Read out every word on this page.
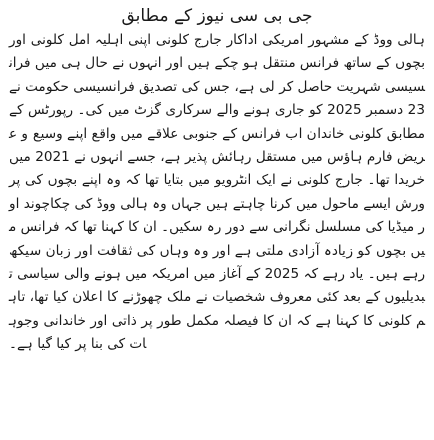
جی بی سی نیوز کے مطابق

ہالی ووڈ کے مشہور امریکی اداکار جارج کلونی اپنی اہلیہ امل کلونی اور بچوں کے ساتھ فرانس منتقل ہو چکے ہیں اور انہوں نے حال ہی میں فرانسیسی شہریت حاصل کر لی ہے، جس کی تصدیق فرانسیسی حکومت نے 23 دسمبر 2025 کو جاری ہونے والے سرکاری گزٹ میں کی۔ رپورٹس کے مطابق کلونی خاندان اب فرانس کے جنوبی علاقے میں واقع اپنے وسیع و عریض فارم ہاؤس میں مستقل رہائش پذیر ہے، جسے انہوں نے 2021 میں خریدا تھا۔ جارج کلونی نے ایک انٹرویو میں بتایا تھا کہ وہ اپنے بچوں کی پرورش ایسے ماحول میں کرنا چاہتے ہیں جہاں وہ ہالی ووڈ کی چکاچوند اور میڈیا کی مسلسل نگرانی سے دور رہ سکیں۔ ان کا کہنا تھا کہ فرانس میں بچوں کو زیادہ آزادی ملتی ہے اور وہ وہاں کی ثقافت اور زبان سیکھ رہے ہیں۔ یاد رہے کہ 2025 کے آغاز میں امریکہ میں ہونے والی سیاسی تبدیلیوں کے بعد کئی معروف شخصیات نے ملک چھوڑنے کا اعلان کیا تھا، تاہم کلونی کا کہنا ہے کہ ان کا فیصلہ مکمل طور پر ذاتی اور خاندانی وجوہات کی بنا پر کیا گیا ہے۔
